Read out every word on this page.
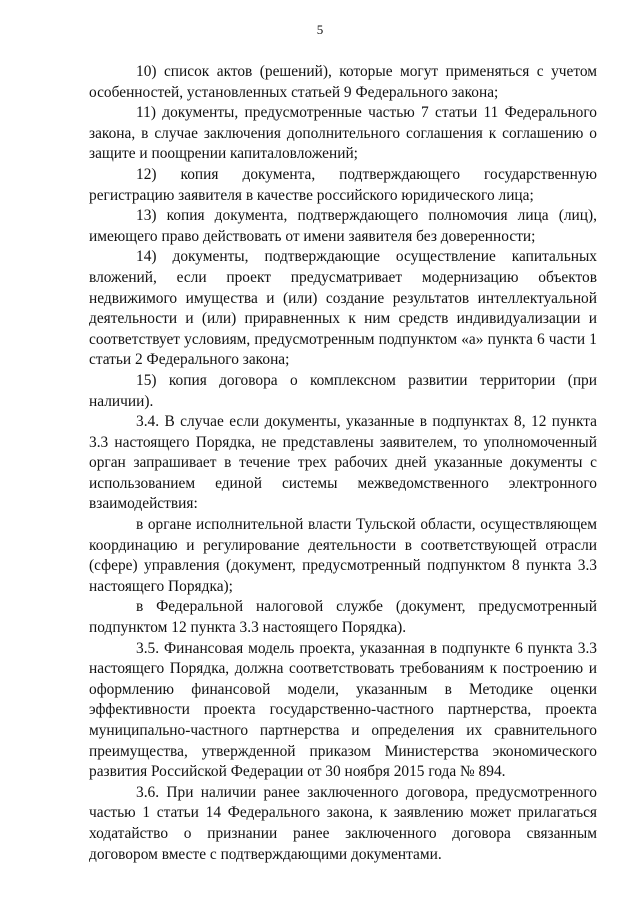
5

10) список актов (решений), которые могут применяться с учетом особенностей, установленных статьей 9 Федерального закона;

11) документы, предусмотренные частью 7 статьи 11 Федерального закона, в случае заключения дополнительного соглашения к соглашению о защите и поощрении капиталовложений;

12) копия документа, подтверждающего государственную регистрацию заявителя в качестве российского юридического лица;

13) копия документа, подтверждающего полномочия лица (лиц), имеющего право действовать от имени заявителя без доверенности;

14) документы, подтверждающие осуществление капитальных вложений, если проект предусматривает модернизацию объектов недвижимого имущества и (или) создание результатов интеллектуальной деятельности и (или) приравненных к ним средств индивидуализации и соответствует условиям, предусмотренным подпунктом «а» пункта 6 части 1 статьи 2 Федерального закона;

15) копия договора о комплексном развитии территории (при наличии).

3.4. В случае если документы, указанные в подпунктах 8, 12 пункта 3.3 настоящего Порядка, не представлены заявителем, то уполномоченный орган запрашивает в течение трех рабочих дней указанные документы с использованием единой системы межведомственного электронного взаимодействия:

в органе исполнительной власти Тульской области, осуществляющем координацию и регулирование деятельности в соответствующей отрасли (сфере) управления (документ, предусмотренный подпунктом 8 пункта 3.3 настоящего Порядка);

в Федеральной налоговой службе (документ, предусмотренный подпунктом 12 пункта 3.3 настоящего Порядка).

3.5. Финансовая модель проекта, указанная в подпункте 6 пункта 3.3 настоящего Порядка, должна соответствовать требованиям к построению и оформлению финансовой модели, указанным в Методике оценки эффективности проекта государственно-частного партнерства, проекта муниципально-частного партнерства и определения их сравнительного преимущества, утвержденной приказом Министерства экономического развития Российской Федерации от 30 ноября 2015 года № 894.

3.6. При наличии ранее заключенного договора, предусмотренного частью 1 статьи 14 Федерального закона, к заявлению может прилагаться ходатайство о признании ранее заключенного договора связанным договором вместе с подтверждающими документами.
